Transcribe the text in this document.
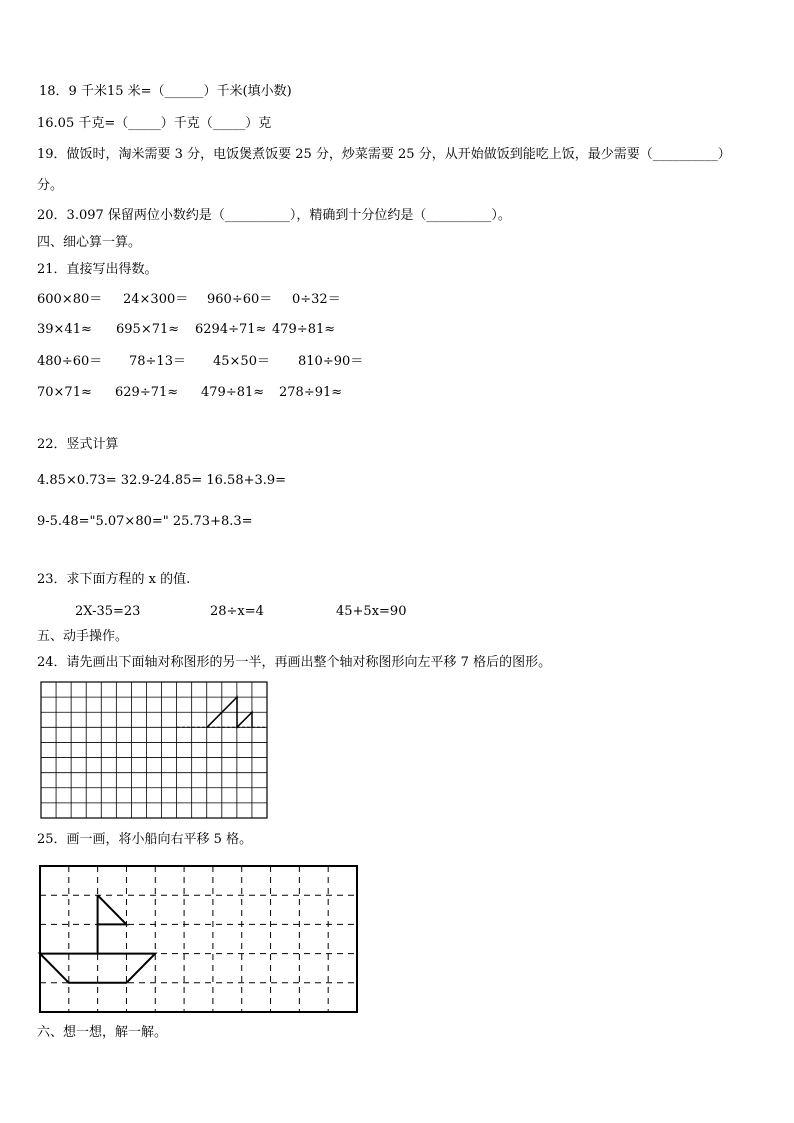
18．9 千米15 米=（______）千米(填小数)
16.05 千克=（_____）千克（_____）克
19．做饭时，淘米需要 3 分，电饭煲煮饭要 25 分，炒菜需要 25 分，从开始做饭到能吃上饭，最少需要（__________）
分。
20．3.097 保留两位小数约是（__________），精确到十分位约是（__________）。
四、细心算一算。
21．直接写出得数。
600×80＝	24×300＝	960÷60＝	0÷32＝
39×41≈	695×71≈	6294÷71≈ 479÷81≈
480÷60＝	78÷13＝	45×50＝	810÷90＝
70×71≈	629÷71≈	479÷81≈	278÷91≈
22．竖式计算
4.85×0.73= 32.9-24.85= 16.58+3.9=
9-5.48="5.07×80=" 25.73+8.3=
23．求下面方程的 x 的值.
2X-35=23	28÷x=4	45+5x=90
五、动手操作。
24．请先画出下面轴对称图形的另一半，再画出整个轴对称图形向左平移 7 格后的图形。
25．画一画，将小船向右平移 5 格。
六、想一想，解一解。
